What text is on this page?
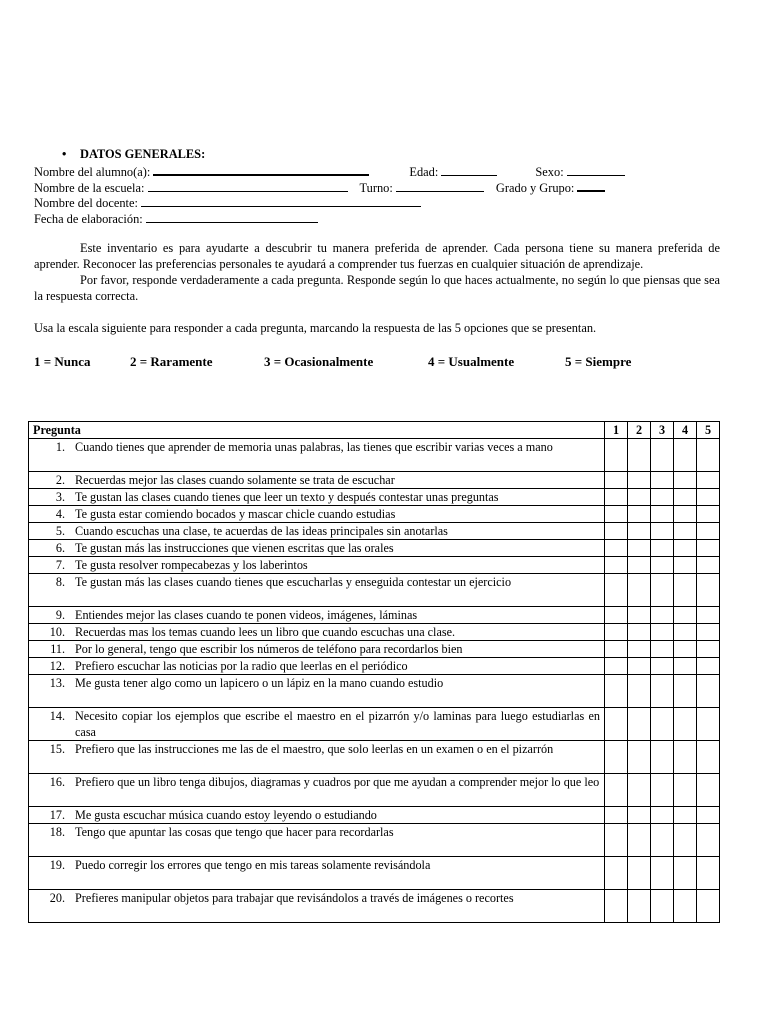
• DATOS GENERALES:
Nombre del alumno(a):	Edad:	Sexo:
Nombre de la escuela:	Turno:	Grado y Grupo:
Nombre del docente:
Fecha de elaboración:

Este inventario es para ayudarte a descubrir tu manera preferida de aprender. Cada persona tiene su manera preferida de aprender. Reconocer las preferencias personales te ayudará a comprender tus fuerzas en cualquier situación de aprendizaje.

Por favor, responde verdaderamente a cada pregunta. Responde según lo que haces actualmente, no según lo que piensas que sea la respuesta correcta.

Usa la escala siguiente para responder a cada pregunta, marcando la respuesta de las 5 opciones que se presentan.
1 = Nunca	2 = Raramente	3 = Ocasionalmente	4 = Usualmente	5 = Siempre
Pregunta	1	2	3	4	5

1. Cuando tienes que aprender de memoria unas palabras, las tienes que escribir varias veces a mano					

2. Recuerdas mejor las clases cuando solamente se trata de escuchar					

3. Te gustan las clases cuando tienes que leer un texto y después contestar unas preguntas					

4. Te gusta estar comiendo bocados y mascar chicle cuando estudias					

5. Cuando escuchas una clase, te acuerdas de las ideas principales sin anotarlas					

6. Te gustan más las instrucciones que vienen escritas que las orales					

7. Te gusta resolver rompecabezas y los laberintos					

8. Te gustan más las clases cuando tienes que escucharlas y enseguida contestar un ejercicio					

9. Entiendes mejor las clases cuando te ponen videos, imágenes, láminas					

10. Recuerdas mas los temas cuando lees un libro que cuando escuchas una clase.					

11. Por lo general, tengo que escribir los números de teléfono para recordarlos bien					

12. Prefiero escuchar las noticias por la radio que leerlas en el periódico					

13. Me gusta tener algo como un lapicero o un lápiz en la mano cuando estudio					

14. Necesito copiar los ejemplos que escribe el maestro en el pizarrón y/o laminas para luego estudiarlas en casa					

15. Prefiero que las instrucciones me las de el maestro, que solo leerlas en un examen o en el pizarrón					

16. Prefiero que un libro tenga dibujos, diagramas y cuadros por que me ayudan a comprender mejor lo que leo					

17. Me gusta escuchar música cuando estoy leyendo o estudiando					

18. Tengo que apuntar las cosas que tengo que hacer para recordarlas					

19. Puedo corregir los errores que tengo en mis tareas solamente revisándola					

20. Prefieres manipular objetos para trabajar que revisándolos a través de imágenes o recortes					
